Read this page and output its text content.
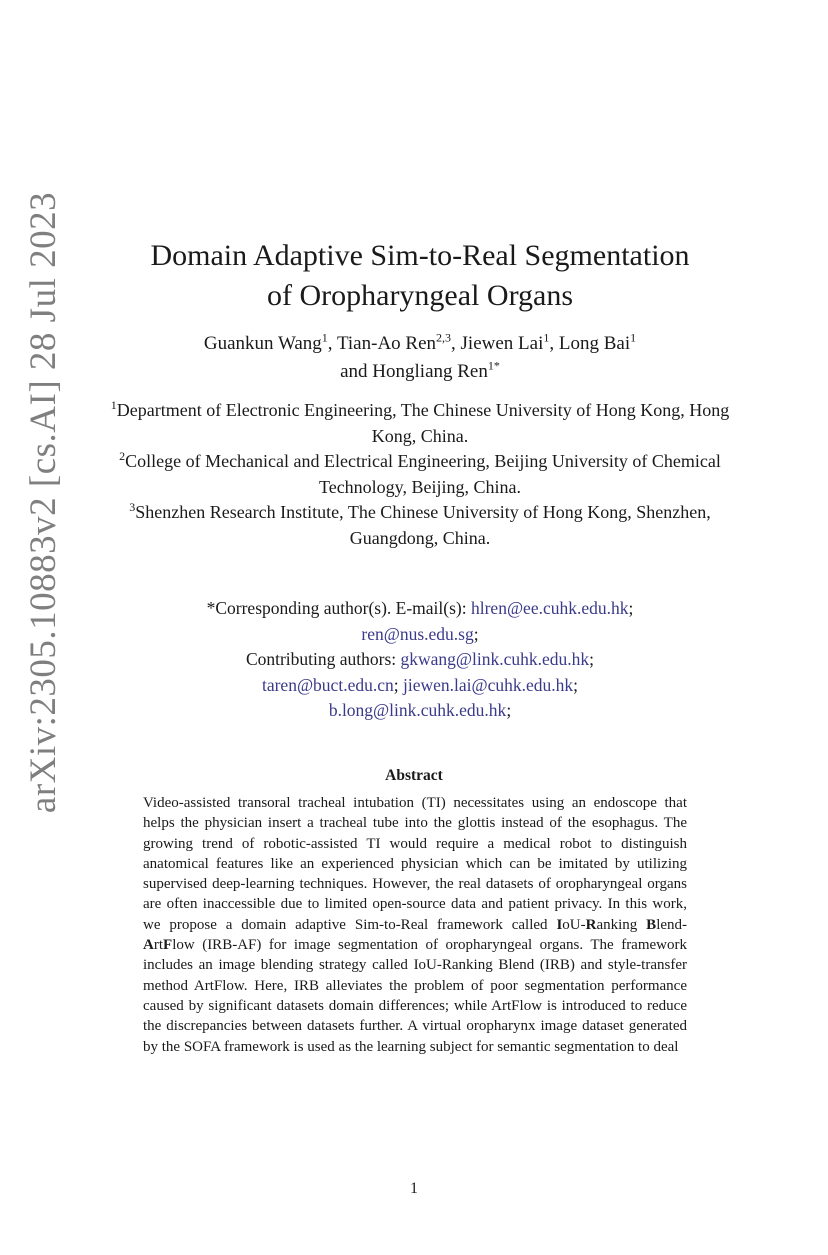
arXiv:2305.10883v2 [cs.AI] 28 Jul 2023	Domain Adaptive Sim-to-Real Segmentation
of Oropharyngeal Organs
Guankun Wang$^1$, Tian-Ao Ren$^{2,3}$, Jiewen Lai$^1$, Long Bai$^1$
and Hongliang Ren$^{1*}$
$^1$Department of Electronic Engineering, The Chinese University of Hong Kong, Hong Kong, China.
$^2$College of Mechanical and Electrical Engineering, Beijing University of Chemical Technology, Beijing, China.
$^3$Shenzhen Research Institute, The Chinese University of Hong Kong, Shenzhen, Guangdong, China.
*Corresponding author(s). E-mail(s): hlren@ee.cuhk.edu.hk;
ren@nus.edu.sg;
Contributing authors: gkwang@link.cuhk.edu.hk;
taren@buct.edu.cn; jiewen.lai@cuhk.edu.hk;
b.long@link.cuhk.edu.hk;
Abstract
Video-assisted transoral tracheal intubation (TI) necessitates using an endoscope that helps the physician insert a tracheal tube into the glottis instead of the esophagus. The growing trend of robotic-assisted TI would require a medical robot to distinguish anatomical features like an experienced physician which can be imitated by utilizing supervised deep-learning techniques. However, the real datasets of oropharyngeal organs are often inaccessible due to limited open-source data and patient privacy. In this work, we propose a domain adaptive Sim-to-Real framework called IoU-Ranking Blend-ArtFlow (IRB-AF) for image segmentation of oropharyngeal organs. The framework includes an image blending strategy called IoU-Ranking Blend (IRB) and style-transfer method ArtFlow. Here, IRB alleviates the problem of poor segmentation performance caused by significant datasets domain differences; while ArtFlow is introduced to reduce the discrepancies between datasets further. A virtual oropharynx image dataset generated by the SOFA framework is used as the learning subject for semantic segmentation to deal
1
